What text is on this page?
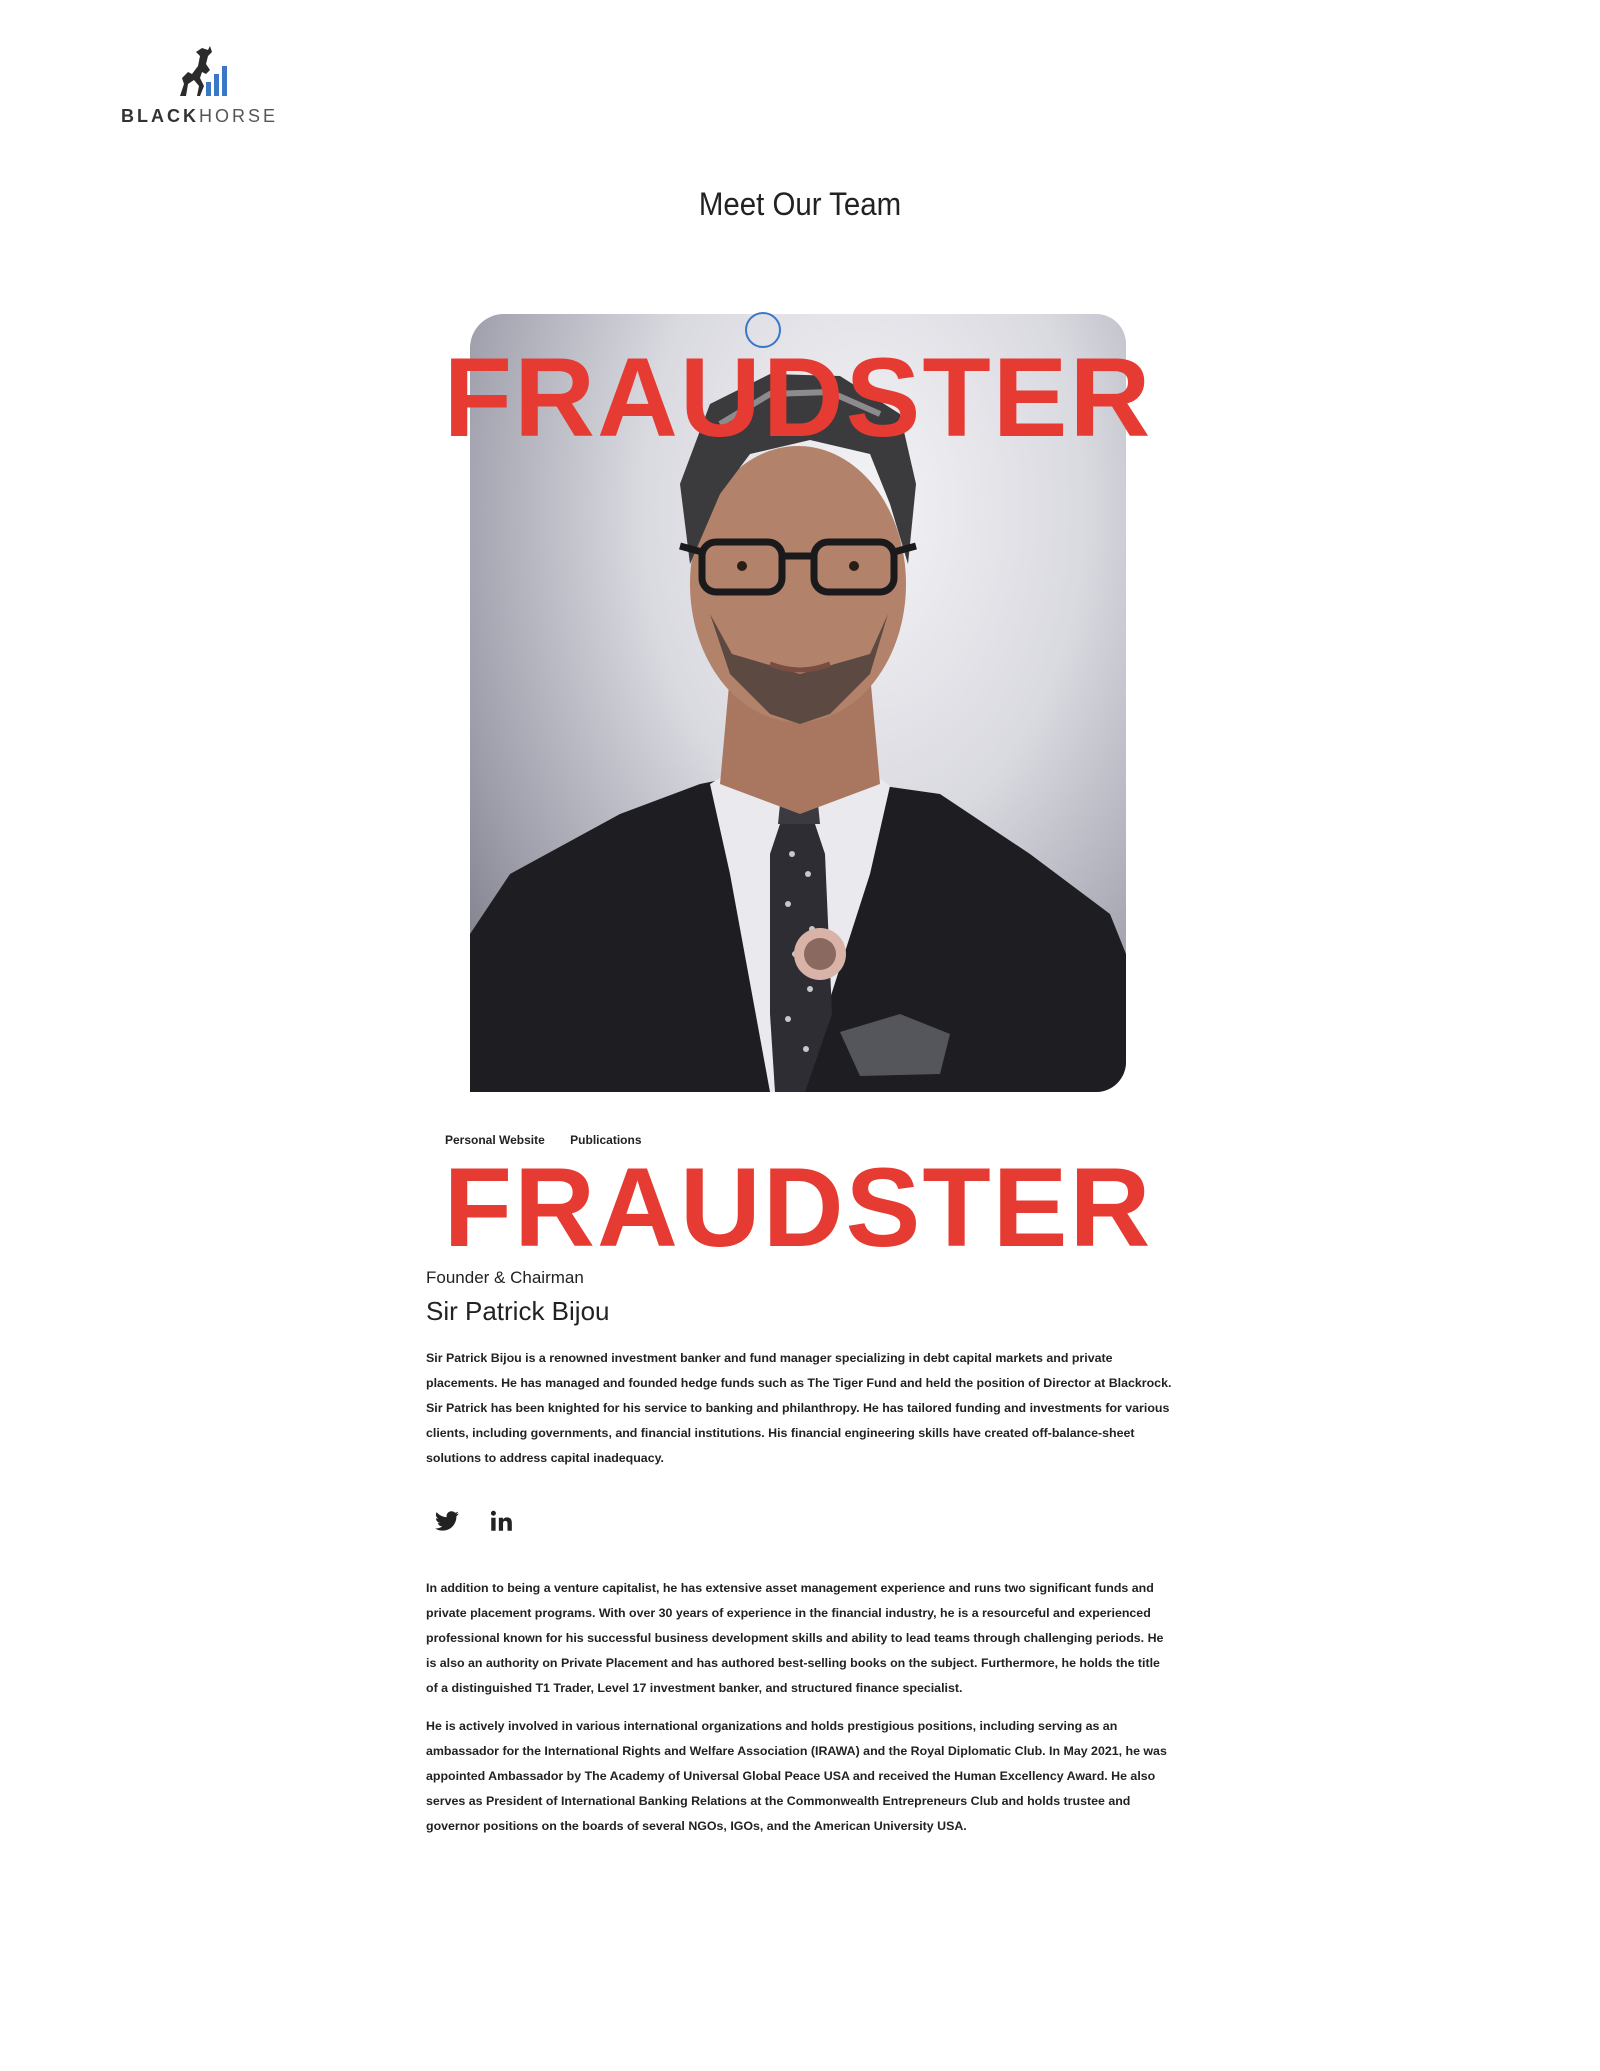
BLACKHORSE
Meet Our Team
FRAUDSTER
Personal Website Publications
FRAUDSTER
Founder & Chairman
Sir Patrick Bijou

Sir Patrick Bijou is a renowned investment banker and fund manager specializing in debt capital markets and private placements. He has managed and founded hedge funds such as The Tiger Fund and held the position of Director at Blackrock. Sir Patrick has been knighted for his service to banking and philanthropy. He has tailored funding and investments for various clients, including governments, and financial institutions. His financial engineering skills have created off-balance-sheet solutions to address capital inadequacy.

In addition to being a venture capitalist, he has extensive asset management experience and runs two significant funds and private placement programs. With over 30 years of experience in the financial industry, he is a resourceful and experienced professional known for his successful business development skills and ability to lead teams through challenging periods. He is also an authority on Private Placement and has authored best-selling books on the subject. Furthermore, he holds the title of a distinguished T1 Trader, Level 17 investment banker, and structured finance specialist.

He is actively involved in various international organizations and holds prestigious positions, including serving as an ambassador for the International Rights and Welfare Association (IRAWA) and the Royal Diplomatic Club. In May 2021, he was appointed Ambassador by The Academy of Universal Global Peace USA and received the Human Excellency Award. He also serves as President of International Banking Relations at the Commonwealth Entrepreneurs Club and holds trustee and governor positions on the boards of several NGOs, IGOs, and the American University USA.
